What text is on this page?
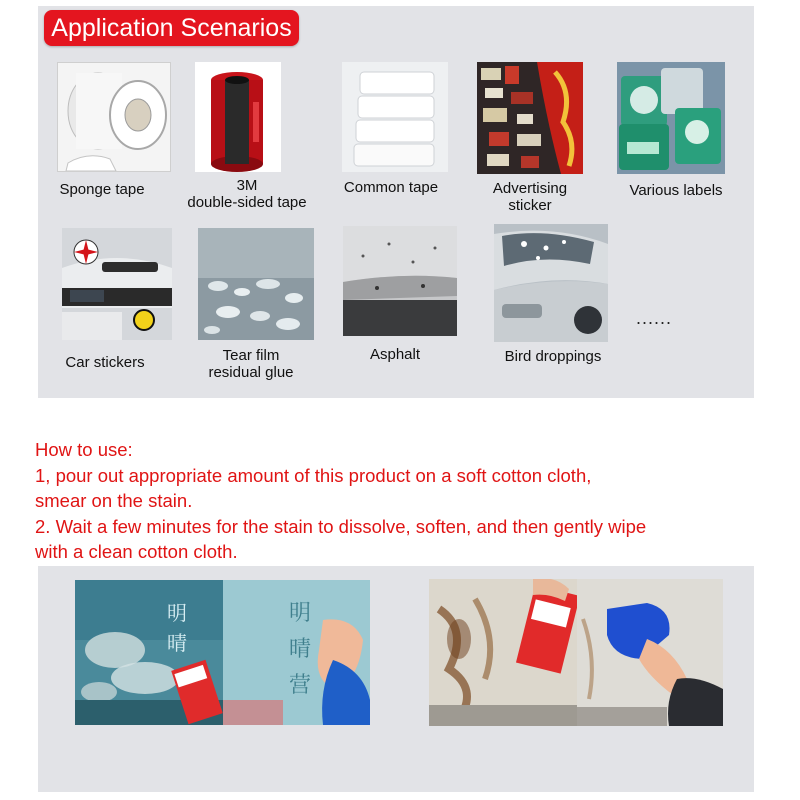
Application Scenarios
Sponge tape	3M
double-sided tape
Common tape	Advertising
sticker
Various labels
Car stickers	Tear film
residual glue
Asphalt	Bird droppings
......
How to use:
1, pour out appropriate amount of this product on a soft cotton cloth,
smear on the stain.
2. Wait a few minutes for the stain to dissolve, soften, and then gently wipe
with a clean cotton cloth.
明
晴
明
晴
营
